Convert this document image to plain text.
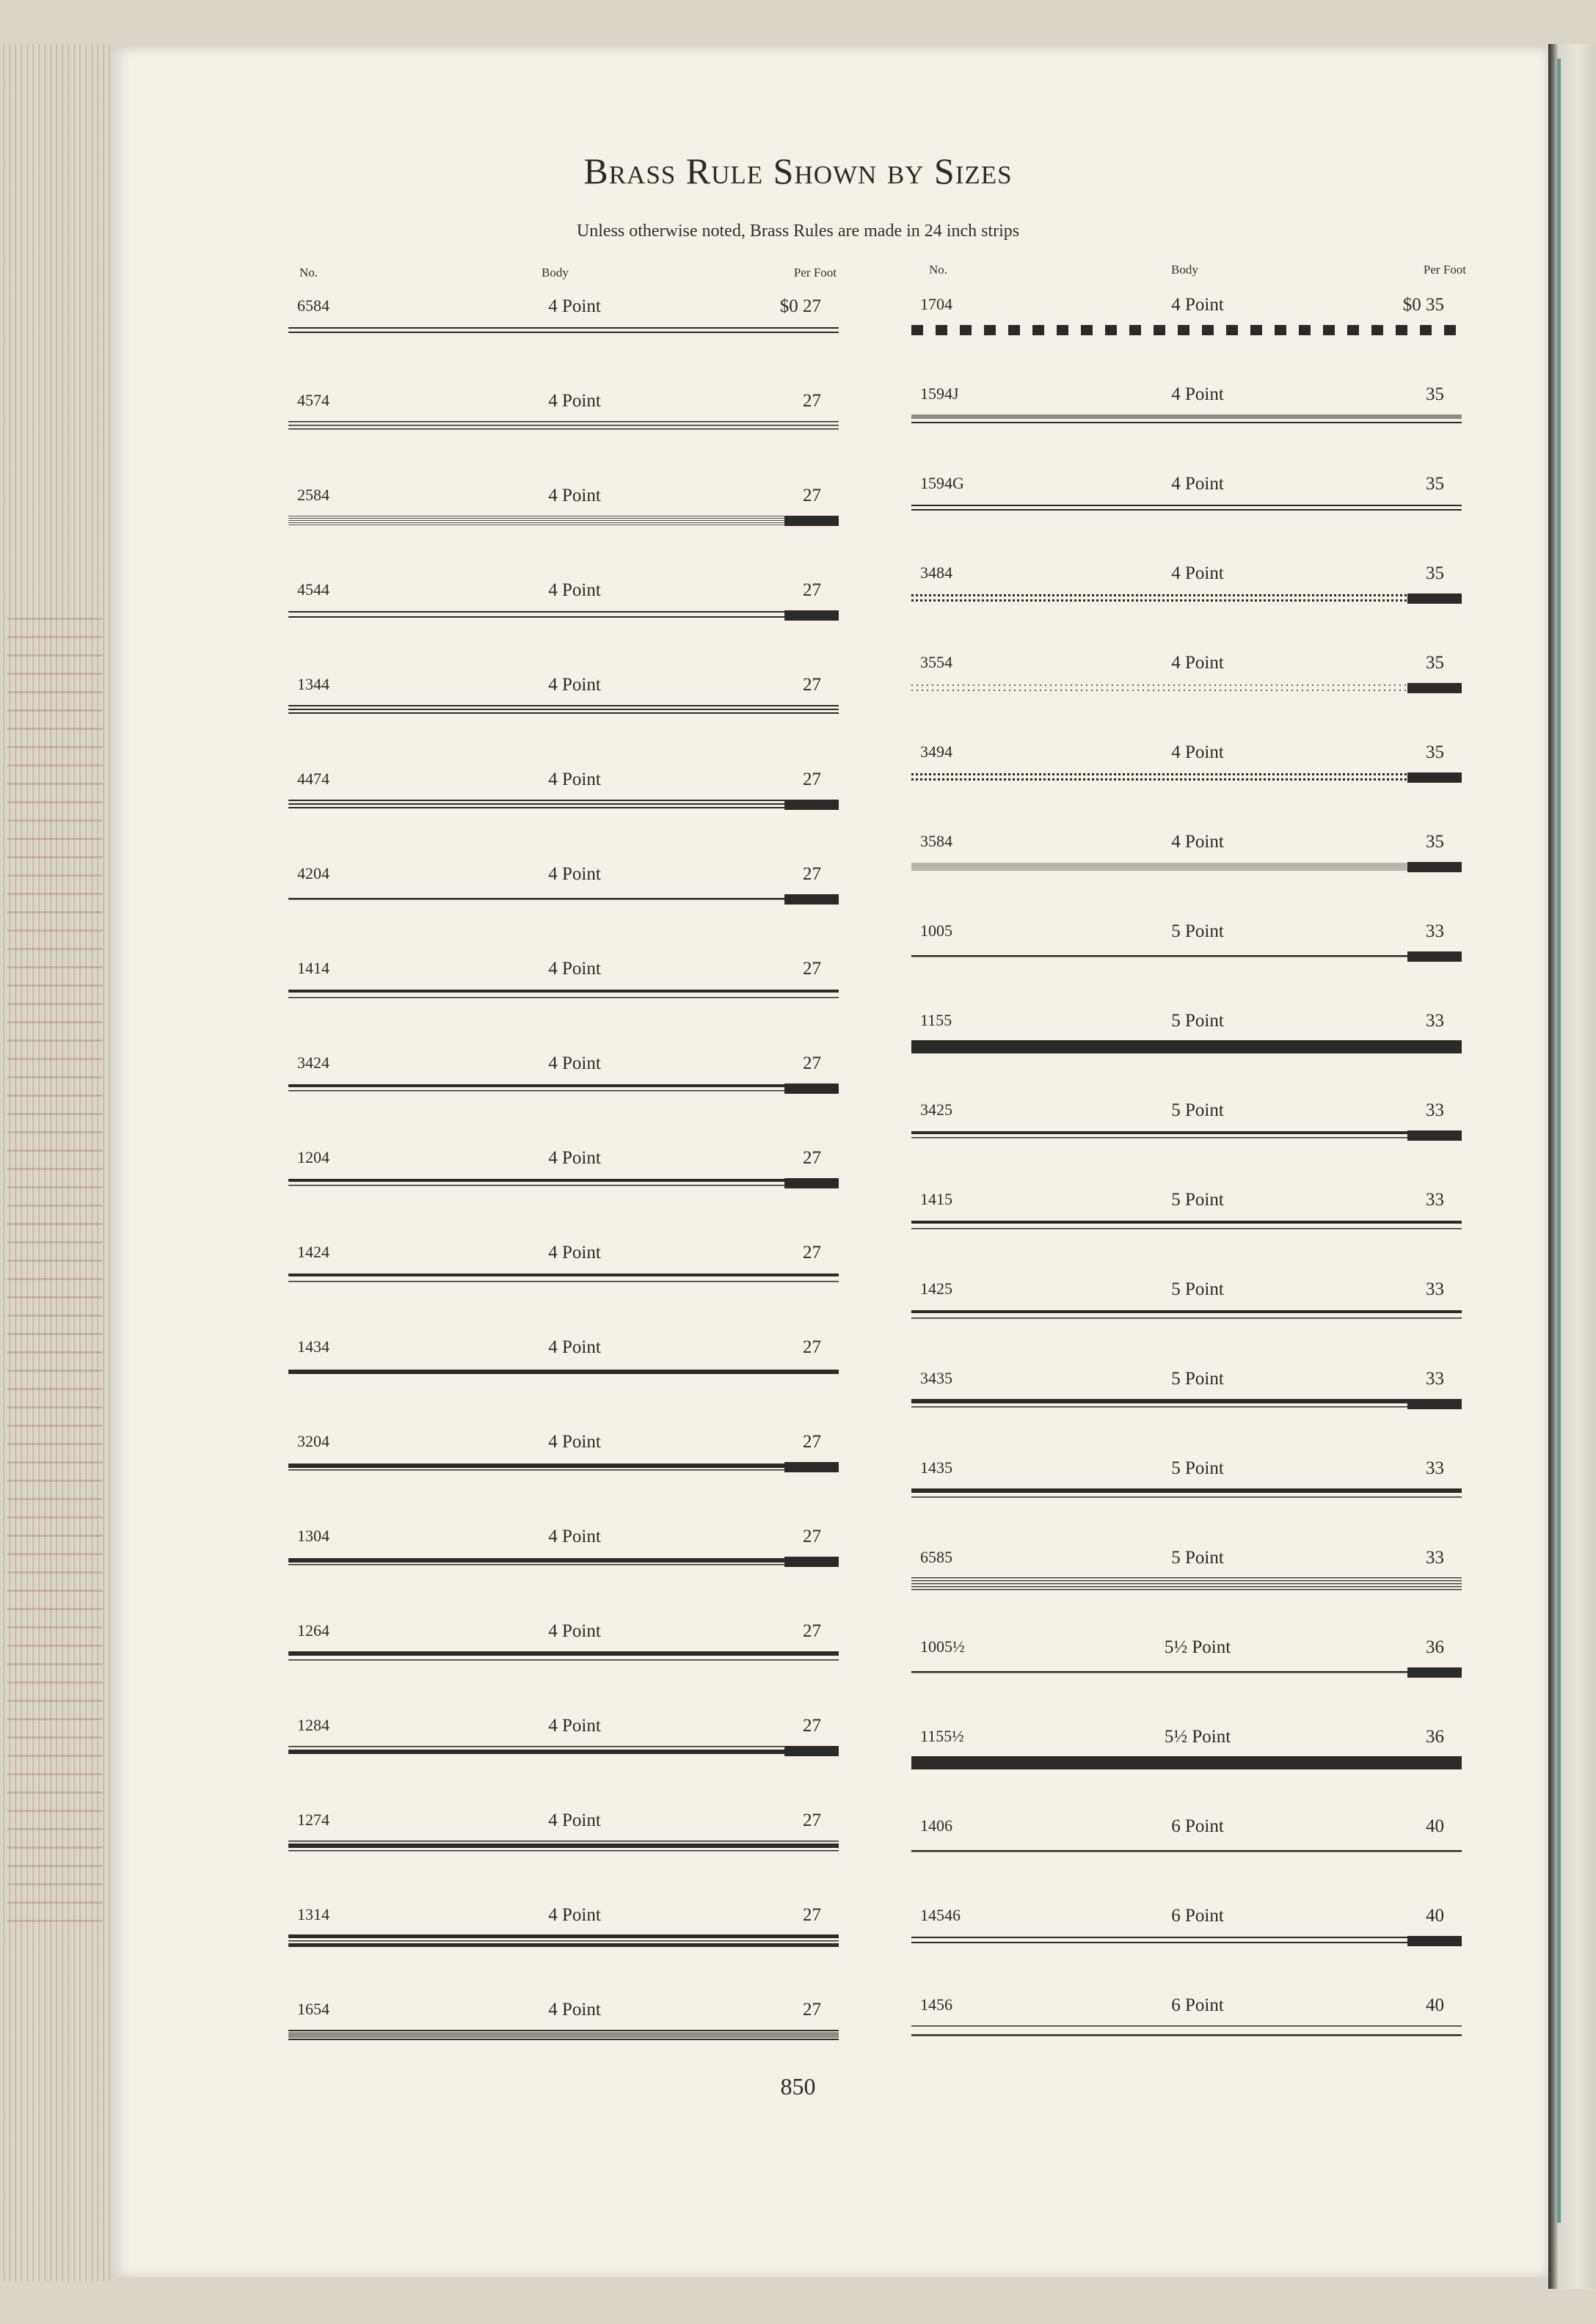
Brass Rule Shown by Sizes
Unless otherwise noted, Brass Rules are made in 24 inch strips
No.	Body	Per Foot	No.	Body	Per Foot
6584	4 Point	$0 27
4574	4 Point	27
2584	4 Point	27
4544	4 Point	27
1344	4 Point	27
4474	4 Point	27
4204	4 Point	27
1414	4 Point	27
3424	4 Point	27
1204	4 Point	27
1424	4 Point	27
1434	4 Point	27
3204	4 Point	27
1304	4 Point	27
1264	4 Point	27
1284	4 Point	27
1274	4 Point	27
1314	4 Point	27
1654	4 Point	27
1704	4 Point	$0 35
1594J	4 Point	35
1594G	4 Point	35
3484	4 Point	35
3554	4 Point	35
3494	4 Point	35
3584	4 Point	35
1005	5 Point	33
1155	5 Point	33
3425	5 Point	33
1415	5 Point	33
1425	5 Point	33
3435	5 Point	33
1435	5 Point	33
6585	5 Point	33
1005½	5½ Point	36
1155½	5½ Point	36
1406	6 Point	40
14546	6 Point	40
1456	6 Point	40
850
